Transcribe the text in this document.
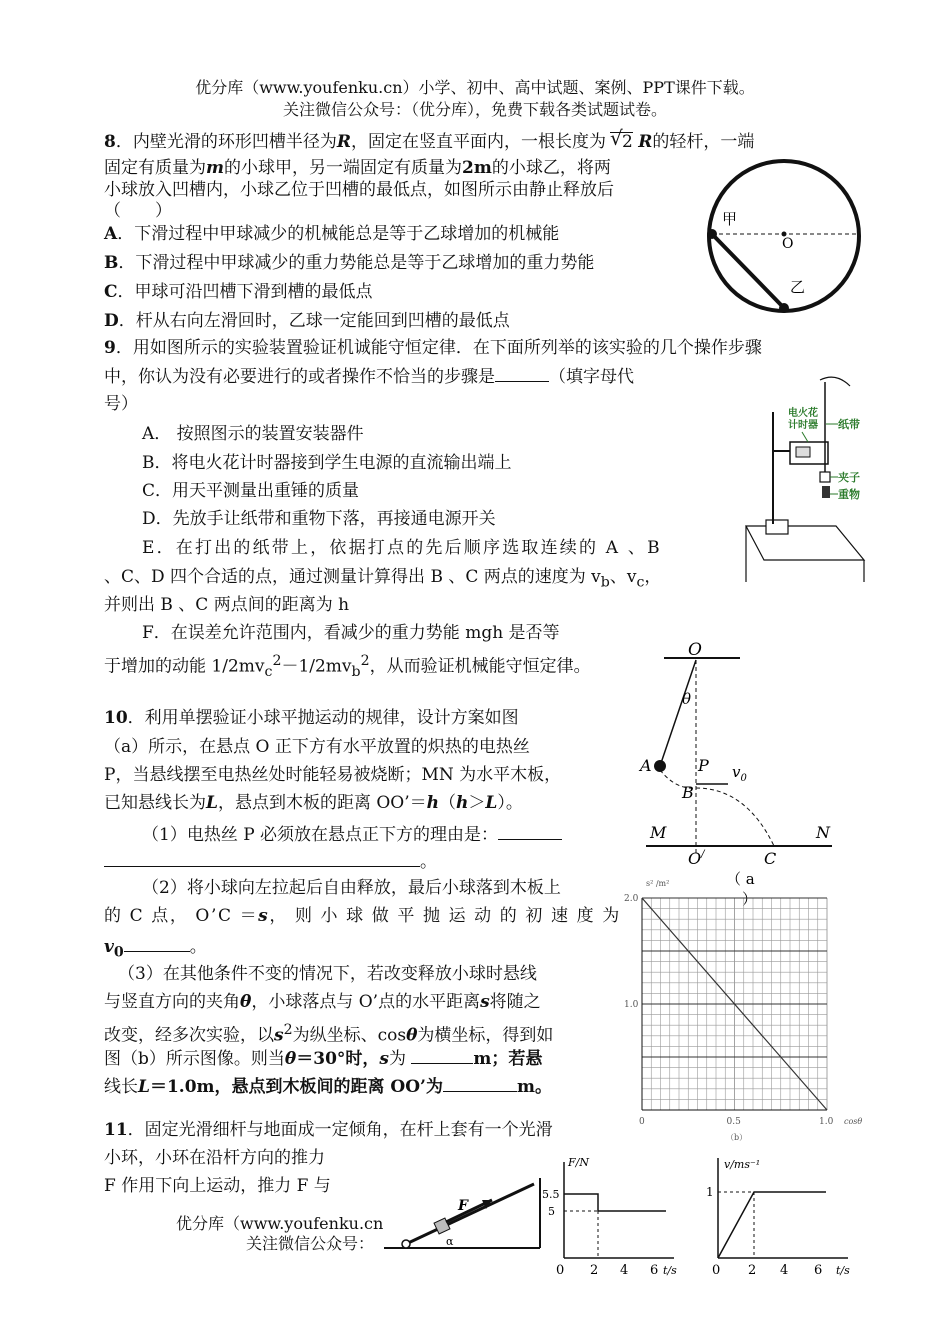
优分库（www.youfenku.cn）小学、初中、高中试题、案例、PPT课件下载。
关注微信公众号：（优分库），免费下载各类试题试卷。
8．内壁光滑的环形凹槽半径为R，固定在竖直平面内，一根长度为 √ 2 R的轻杆，一端
固定有质量为m的小球甲，另一端固定有质量为2m的小球乙，将两
小球放入凹槽内，小球乙位于凹槽的最低点，如图所示由静止释放后
（　　）
A．下滑过程中甲球减少的机械能总是等于乙球增加的机械能
B．下滑过程中甲球减少的重力势能总是等于乙球增加的重力势能
C．甲球可沿凹槽下滑到槽的最低点
D．杆从右向左滑回时，乙球一定能回到凹槽的最低点
甲
O
乙
9．用如图所示的实验装置验证机诚能守恒定律．在下面所列举的该实验的几个操作步骤
中，你认为没有必要进行的或者操作不恰当的步骤是	（填字母代
号）
A． 按照图示的装置安装器件
B．将电火花计时器接到学生电源的直流输出端上
C．用天平测量出重锤的质量
D．先放手让纸带和重物下落，再接通电源开关
E．在打出的纸带上，依据打点的先后顺序选取连续的 A 、B
、C、D 四个合适的点，通过测量计算得出 B 、C 两点的速度为 $v_b$、$v_c$，
并则出 B 、C 两点间的距离为 h
F．在误差允许范围内，看减少的重力势能 mgh 是否等
于增加的动能 $1/2mv_c^2-1/2mv_b^2$，从而验证机械能守恒定律。
电火花计时器 纸带
夹子
重物
10．利用单摆验证小球平抛运动的规律，设计方案如图
（a）所示，在悬点 O 正下方有水平放置的炽热的电热丝
P，当悬线摆至电热丝处时能轻易被烧断；MN 为水平木板，
已知悬线长为L，悬点到木板的距离 OO’＝h（h＞L）。
（1）电热丝 P 必须放在悬点正下方的理由是：
。
（2）将小球向左拉起后自由释放，最后小球落到木板上
的 C 点， O’C ＝s， 则 小 球 做 平 抛 运 动 的 初 速 度 为
$v_0$	。
（3）在其他条件不变的情况下，若改变释放小球时悬线
与竖直方向的夹角θ，小球落点与 O’点的水平距离s将随之
改变，经多次实验，以$s^2$为纵坐标、cosθ为横坐标，得到如
图（b）所示图像。则当θ＝30°时，s为	m；若悬
线长L＝1.0m，悬点到木板间的距离 OO’为	m。
O
θ
A	P $v_0$
B
M	N
O/	C
（ a ）
s² /m²
2.0
1.0
0	0.5	1.0 cosθ
（b）
11．固定光滑细杆与地面成一定倾角，在杆上套有一个光滑
小环，小环在沿杆方向的推力
F 作用下向上运动，推力 F 与
F
α
F/N
5.5
5
0 2 4 6 t/s
v/ms⁻¹
1
0 2 4 6 t/s
优分库（www.youfenku.cn
关注微信公众号：
